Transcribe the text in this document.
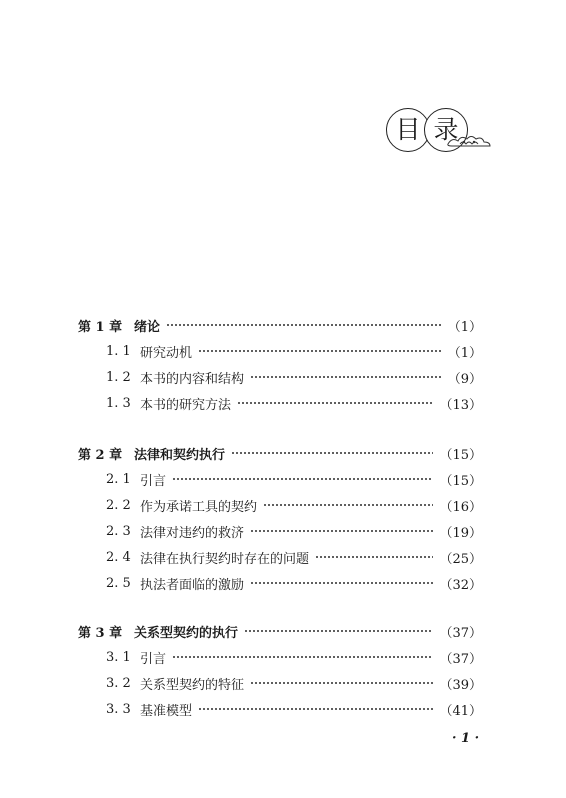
目 录
第 1 章 绪论	（1）
1. 1 研究动机	（1）
1. 2 本书的内容和结构	（9）
1. 3 本书的研究方法	（13）
第 2 章 法律和契约执行	（15）
2. 1 引言	（15）
2. 2 作为承诺工具的契约	（16）
2. 3 法律对违约的救济	（19）
2. 4 法律在执行契约时存在的问题	（25）
2. 5 执法者面临的激励	（32）
第 3 章 关系型契约的执行	（37）
3. 1 引言	（37）
3. 2 关系型契约的特征	（39）
3. 3 基准模型	（41）
· 1 ·
